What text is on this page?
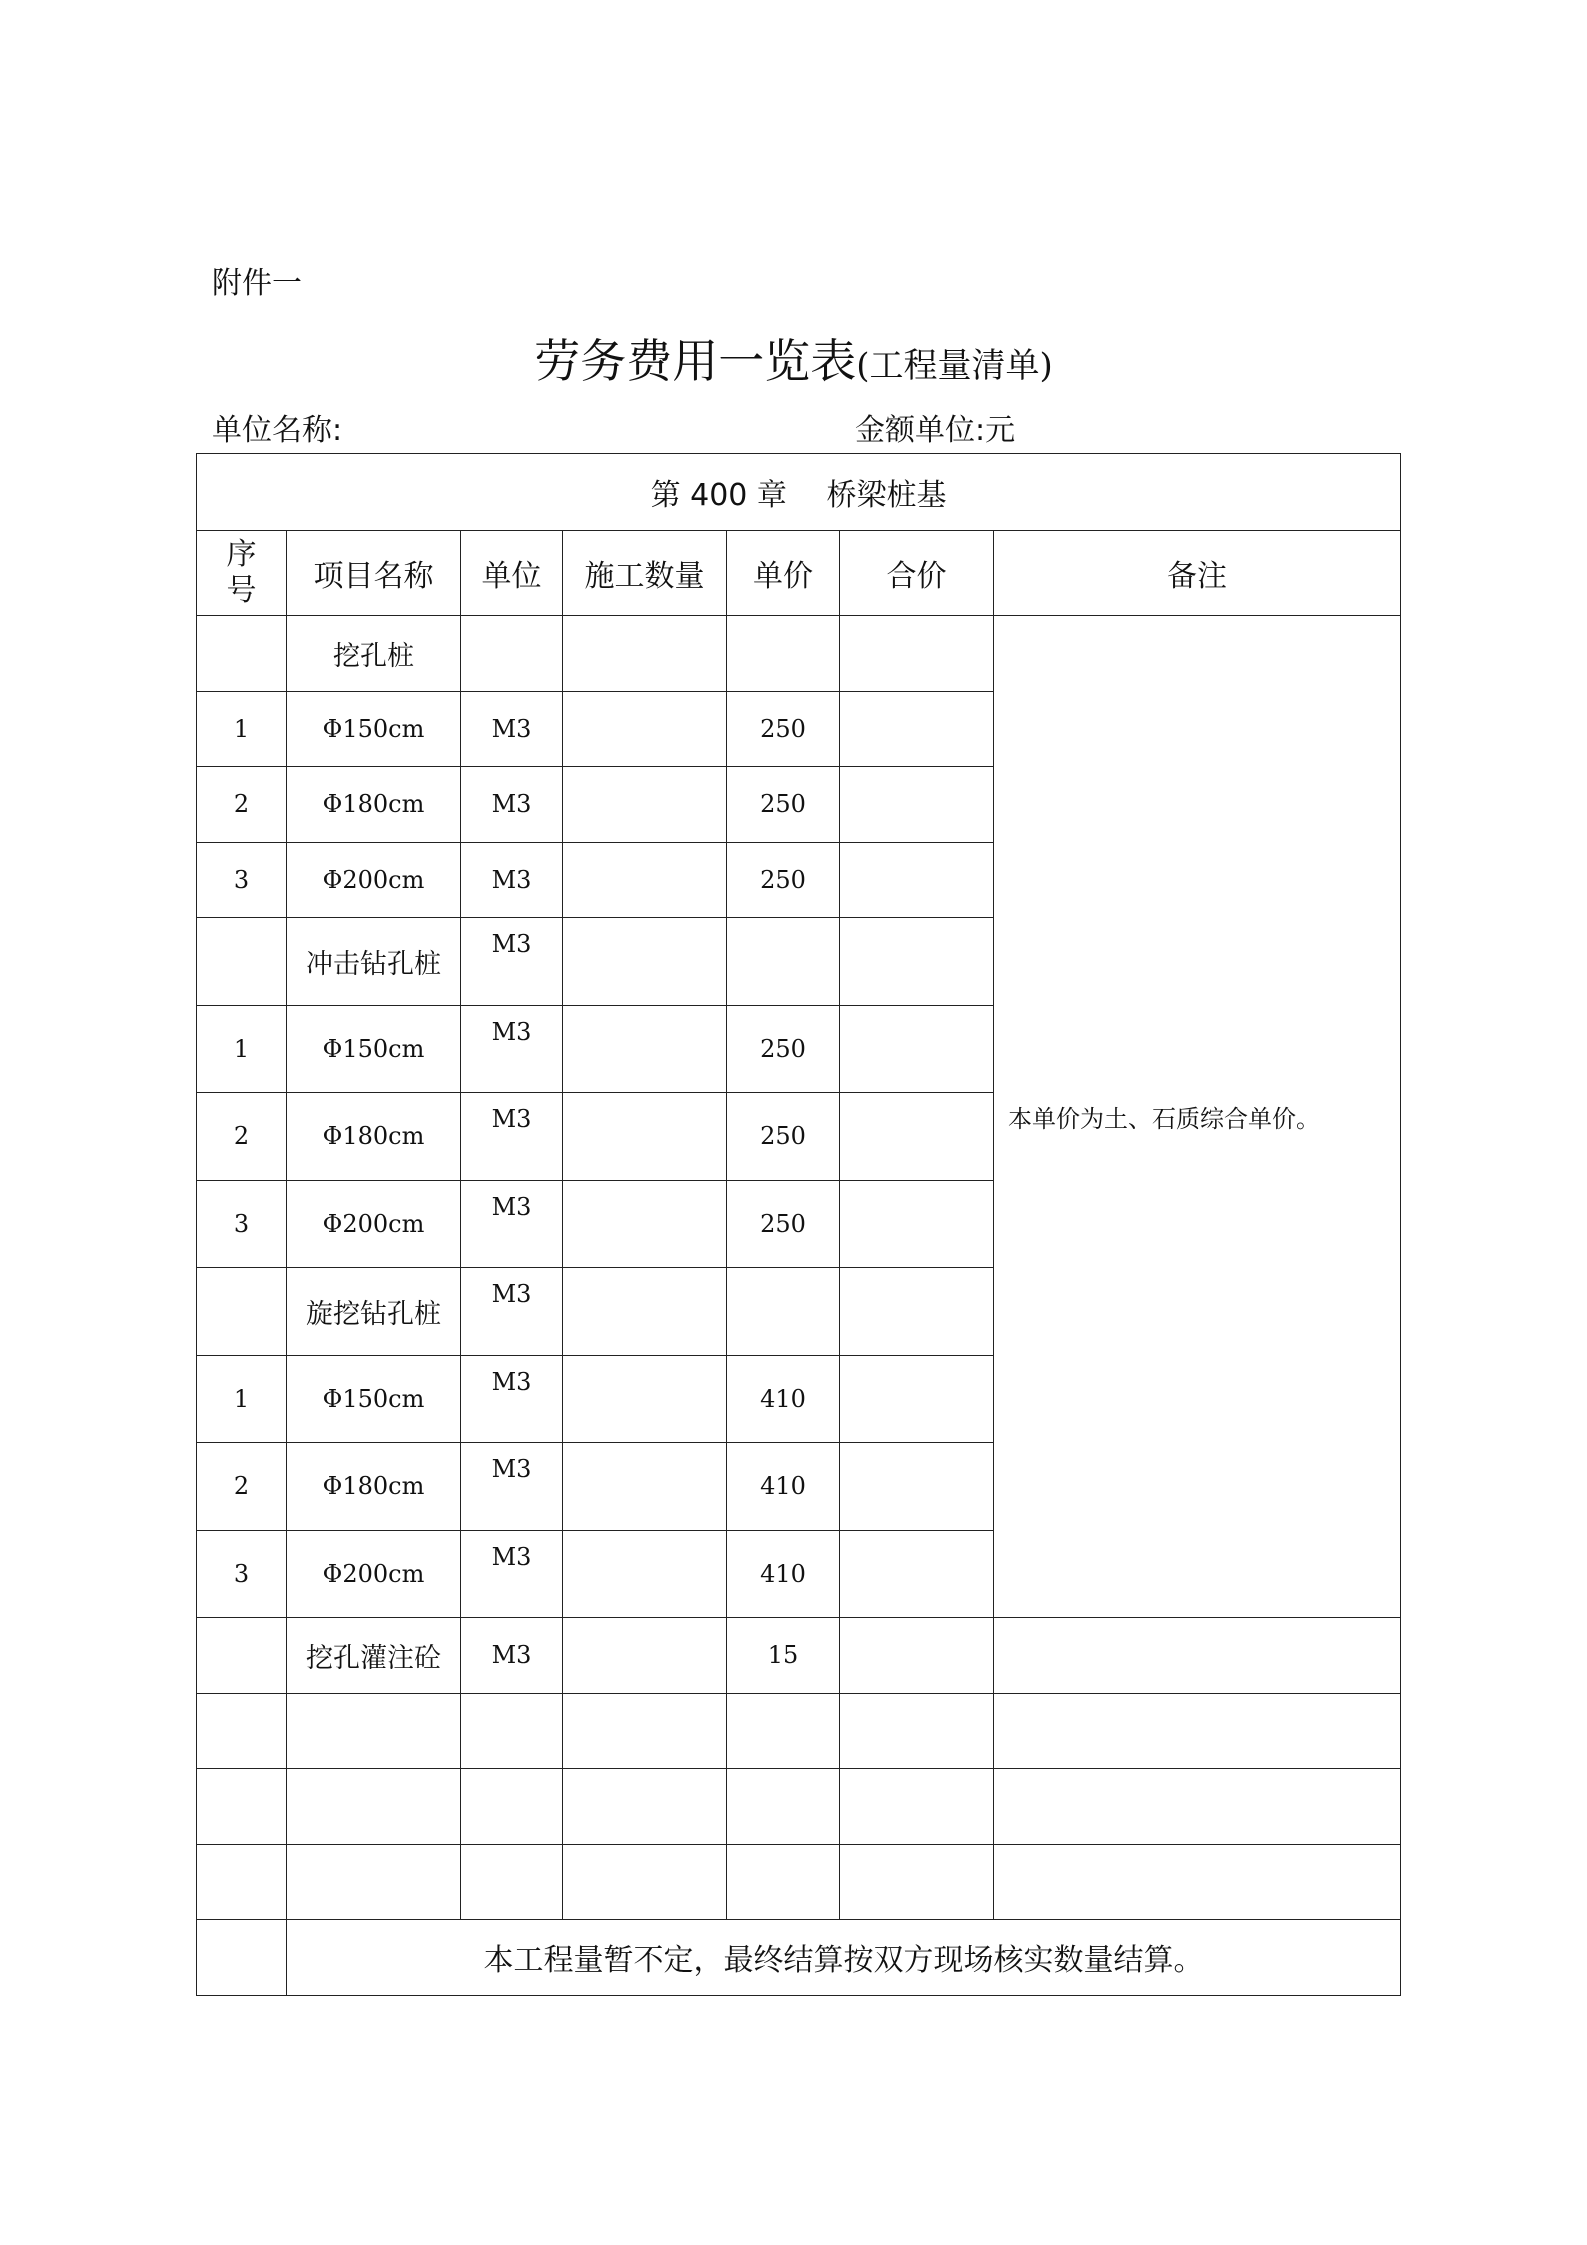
附件一
劳务费用一览表(工程量清单)
单位名称:	金额单位:元
第 400 章　 桥梁桩基						
序
号	项目名称	单位	施工数量	单价	合价	备注
	挖孔桩					本单价为土、石质综合单价。
1	Φ150cm	M3		250		
2	Φ180cm	M3		250		
3	Φ200cm	M3		250		
	冲击钻孔桩	M3				
1	Φ150cm	M3		250		
2	Φ180cm	M3		250		
3	Φ200cm	M3		250		
	旋挖钻孔桩	M3				
1	Φ150cm	M3		410		
2	Φ180cm	M3		410		
3	Φ200cm	M3		410		
	挖孔灌注砼	M3		15		

	本工程量暂不定，最终结算按双方现场核实数量结算。					
